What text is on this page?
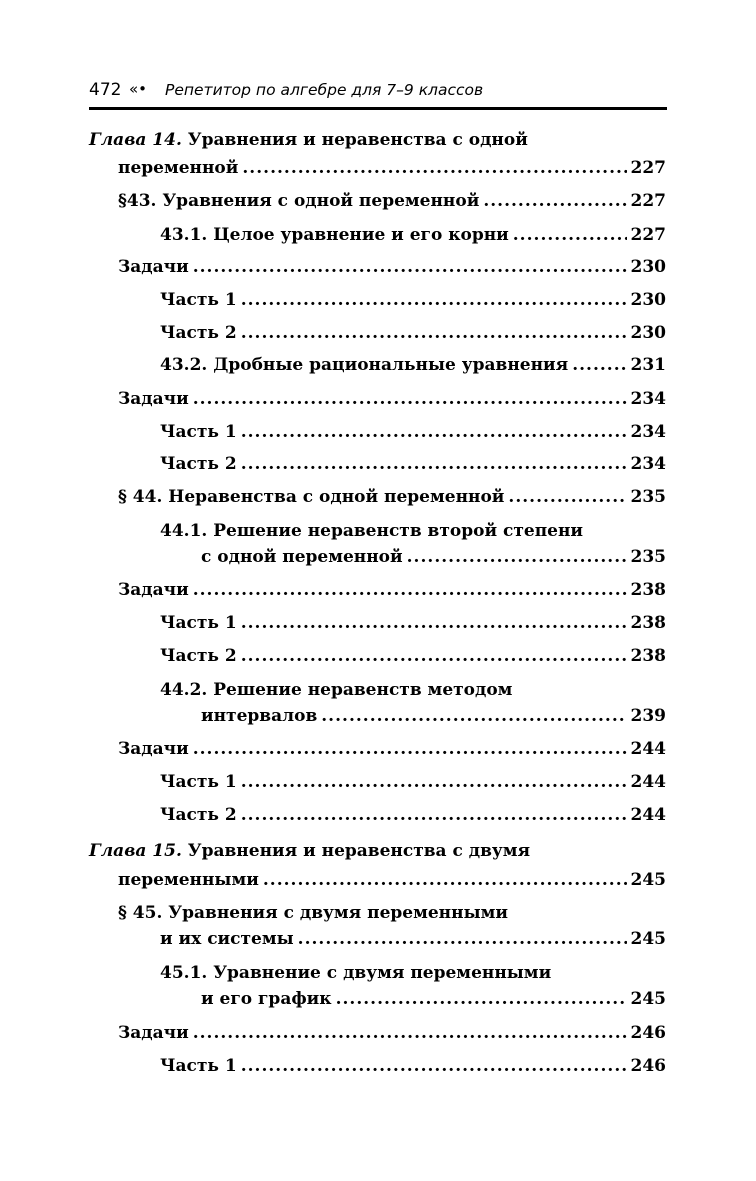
472 «• Репетитор по алгебре для 7–9 классов
Глава 14. Уравнения и неравенства с одной
переменной .....	227
§43. Уравнения с одной переменной .....	227
43.1. Целое уравнение и его корни .....	227
Задачи .....	230
Часть 1 .....	230
Часть 2 .....	230
43.2. Дробные рациональные уравнения .....	231
Задачи .....	234
Часть 1 .....	234
Часть 2 .....	234
§ 44. Неравенства с одной переменной .....	235
44.1. Решение неравенств второй степени
с одной переменной .....	235
Задачи .....	238
Часть 1 .....	238
Часть 2 .....	238
44.2. Решение неравенств методом
интервалов .....	239
Задачи .....	244
Часть 1 .....	244
Часть 2 .....	244
Глава 15. Уравнения и неравенства с двумя
переменными .....	245
§ 45. Уравнения с двумя переменными
и их системы .....	245
45.1. Уравнение с двумя переменными
и его график .....	245
Задачи .....	246
Часть 1 .....	246
